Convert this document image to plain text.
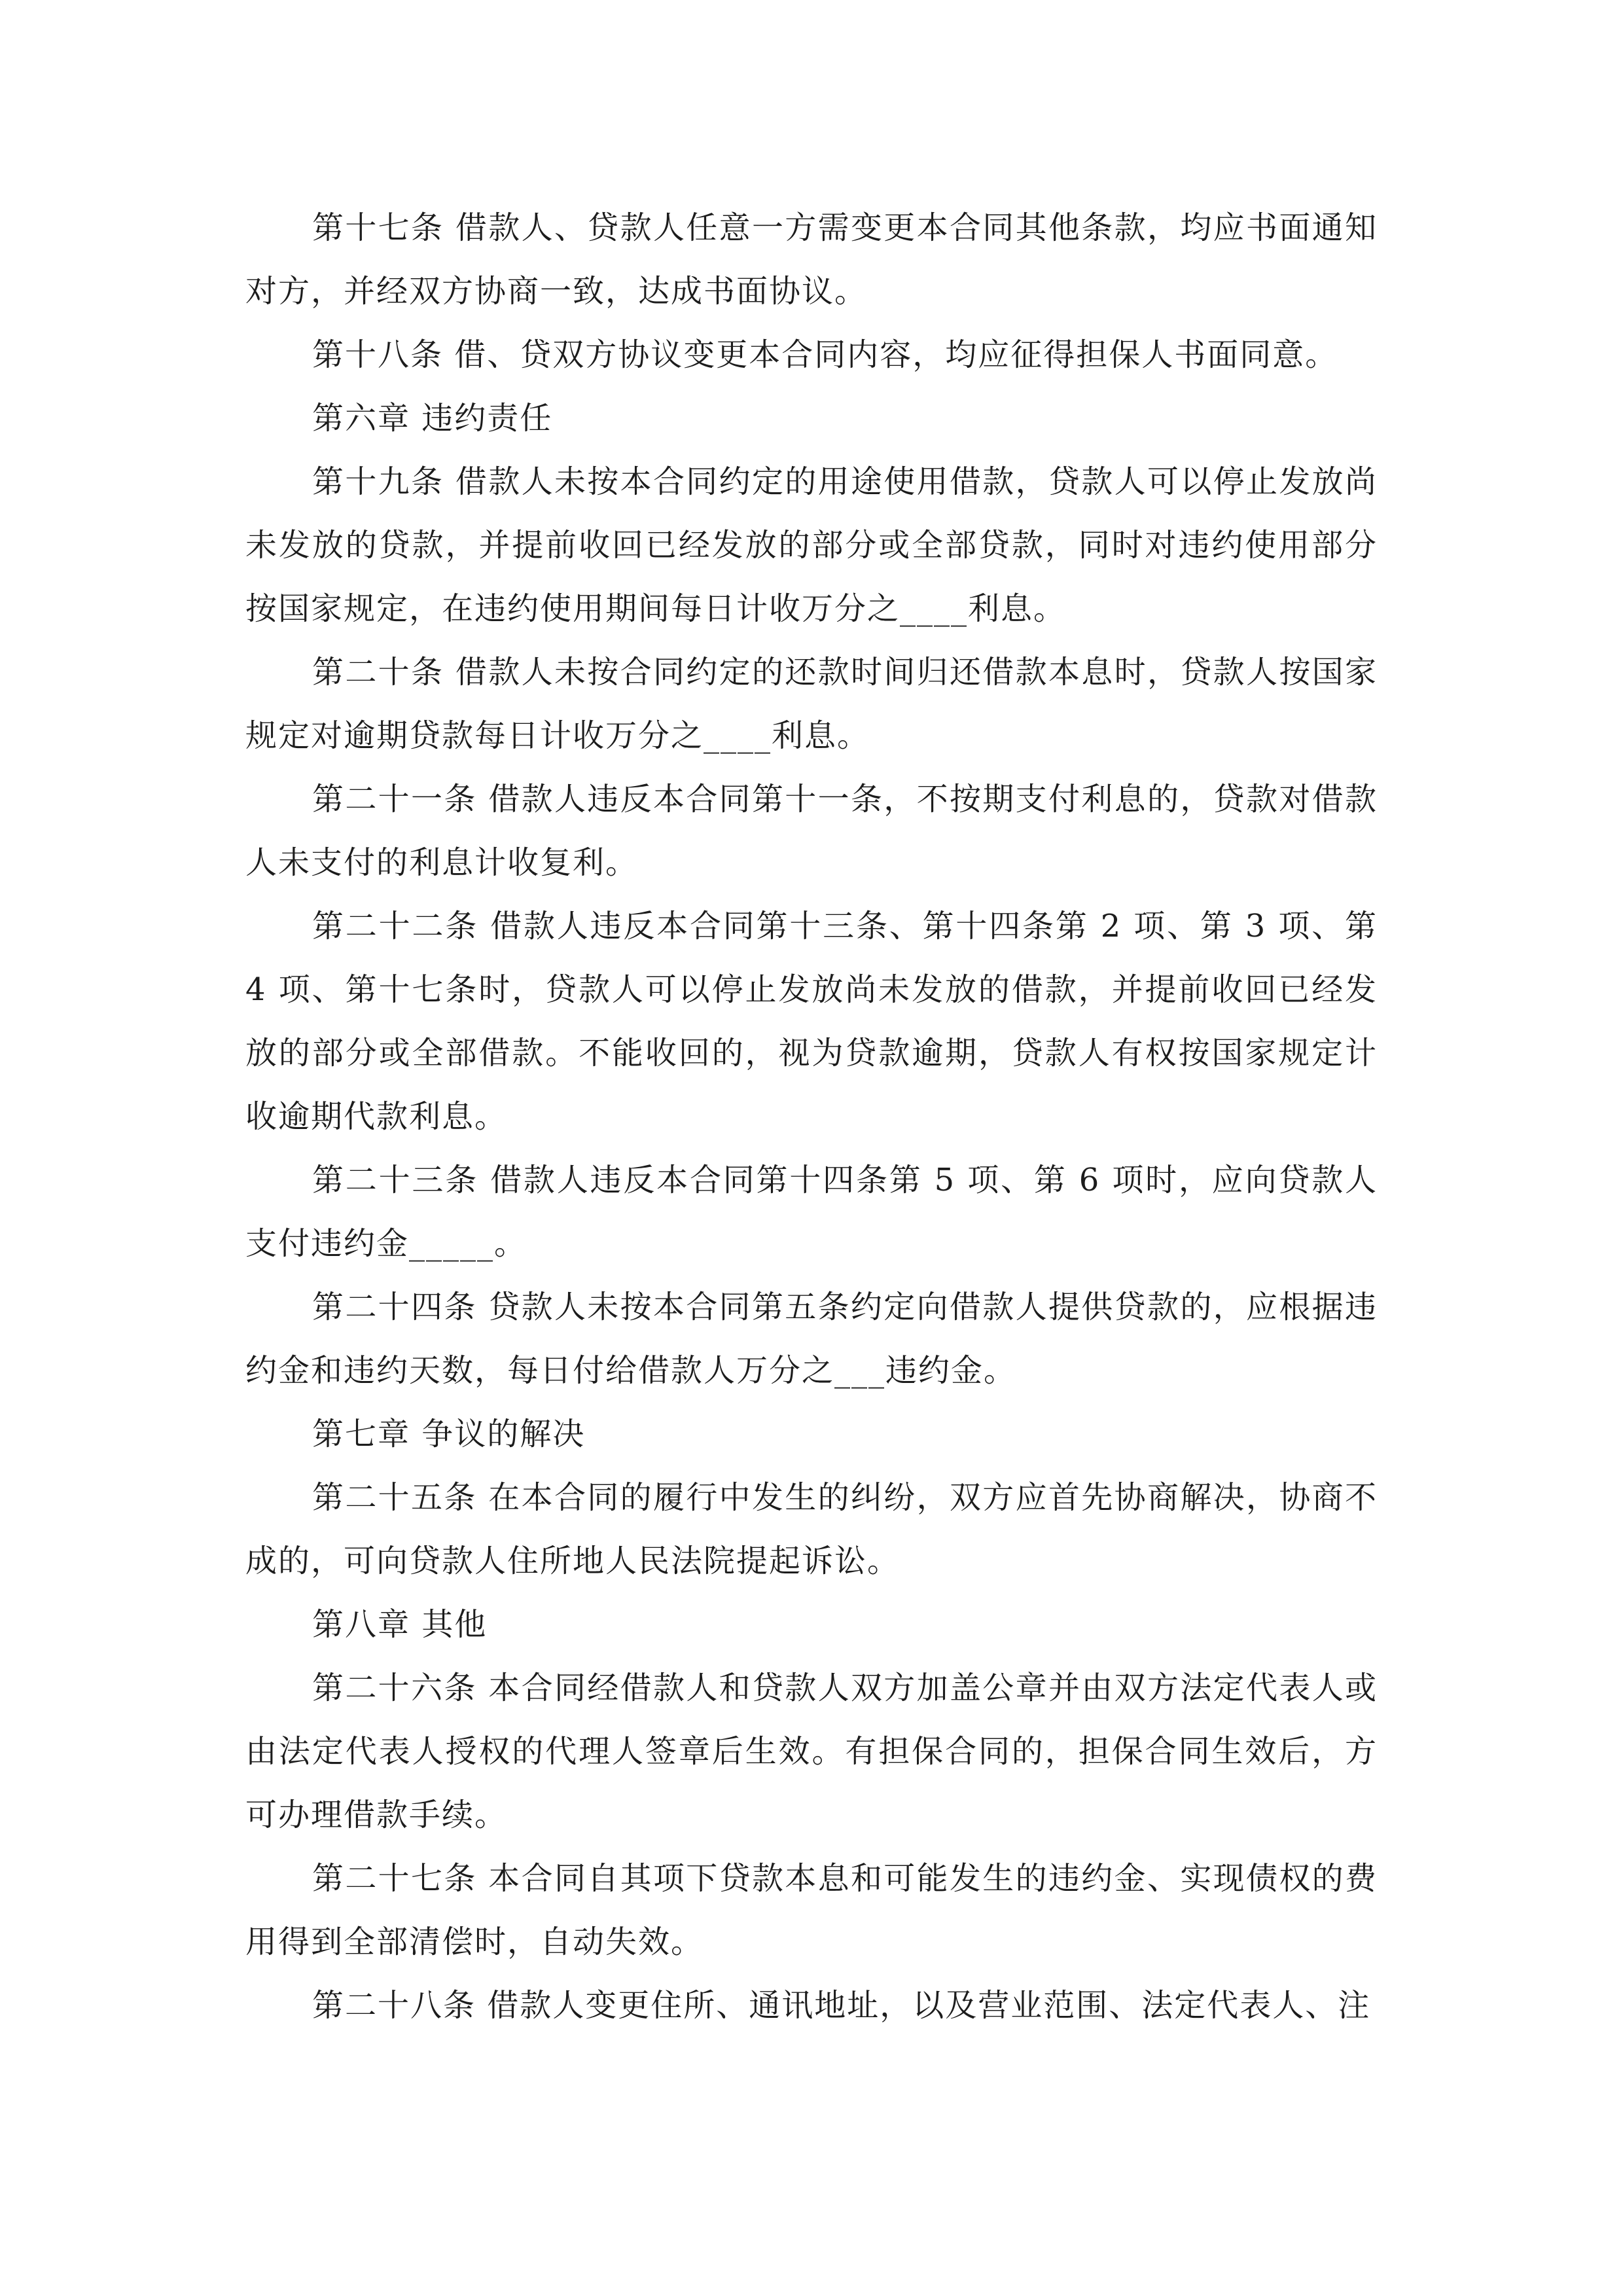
第十七条 借款人、贷款人任意一方需变更本合同其他条款，均应书面通知对方，并经双方协商一致，达成书面协议。

第十八条 借、贷双方协议变更本合同内容，均应征得担保人书面同意。

第六章 违约责任

第十九条 借款人未按本合同约定的用途使用借款，贷款人可以停止发放尚未发放的贷款，并提前收回已经发放的部分或全部贷款，同时对违约使用部分按国家规定，在违约使用期间每日计收万分之____利息。

第二十条 借款人未按合同约定的还款时间归还借款本息时，贷款人按国家规定对逾期贷款每日计收万分之____利息。

第二十一条 借款人违反本合同第十一条，不按期支付利息的，贷款对借款人未支付的利息计收复利。

第二十二条 借款人违反本合同第十三条、第十四条第 2 项、第 3 项、第 4 项、第十七条时，贷款人可以停止发放尚未发放的借款，并提前收回已经发放的部分或全部借款。不能收回的，视为贷款逾期，贷款人有权按国家规定计收逾期代款利息。

第二十三条 借款人违反本合同第十四条第 5 项、第 6 项时，应向贷款人支付违约金_____。

第二十四条 贷款人未按本合同第五条约定向借款人提供贷款的，应根据违约金和违约天数，每日付给借款人万分之___违约金。

第七章 争议的解决

第二十五条 在本合同的履行中发生的纠纷，双方应首先协商解决，协商不成的，可向贷款人住所地人民法院提起诉讼。

第八章 其他

第二十六条 本合同经借款人和贷款人双方加盖公章并由双方法定代表人或由法定代表人授权的代理人签章后生效。有担保合同的，担保合同生效后，方可办理借款手续。

第二十七条 本合同自其项下贷款本息和可能发生的违约金、实现债权的费用得到全部清偿时，自动失效。

第二十八条 借款人变更住所、通讯地址，以及营业范围、法定代表人、注
